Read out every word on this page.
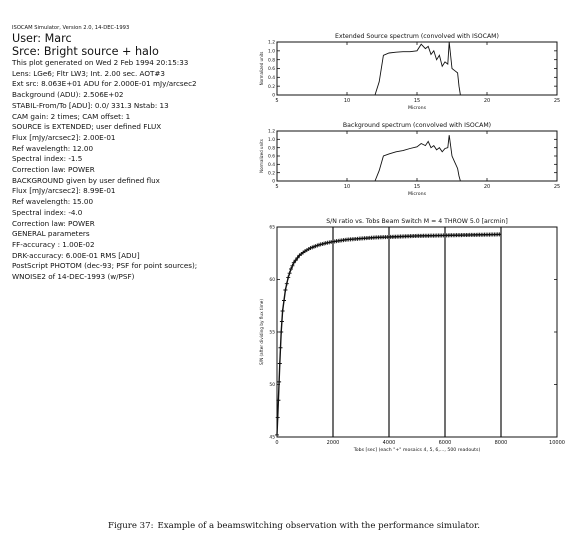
ISOCAM Simulator, Version 2.0, 14-DEC-1993
User: Marc
Srce: Bright source + halo
This plot generated on Wed 2 Feb 1994 20:15:33
Lens: LGe6; Fltr LW3; Int. 2.00 sec. AOT#3
Ext src: 8.063E+01 ADU for 2.000E-01 mJy/arcsec2
Background (ADU): 2.506E+02
STABIL-From/To [ADU]: 0.0/ 331.3 Nstab: 13
CAM gain: 2 times; CAM offset: 1
SOURCE is EXTENDED; user defined FLUX
Flux [mJy/arcsec2]: 2.00E-01
Ref wavelength: 12.00
Spectral index: -1.5
Correction law: POWER
BACKGROUND given by user defined flux
Flux [mJy/arcsec2]: 8.99E-01
Ref wavelength: 15.00
Spectral index: -4.0
Correction law: POWER
GENERAL parameters
FF-accuracy : 1.00E-02
DRK-accuracy: 6.00E-01 RMS [ADU]
PostScript PHOTOM (dec-93; PSF for point sources);
WNOISE2 of 14-DEC-1993 (w/PSF)
Extended Source spectrum (convolved with ISOCAM)
5	10	15	20	25
0
0.2
0.4
0.6
0.8
1.0
1.2
Microns
Normalized units
Background spectrum (convolved with ISOCAM)
5	10	15	20	25
0
0.2
0.4
0.6
0.8
1.0
1.2
Microns
Normalized units
S/N ratio vs. Tobs Beam Switch M = 4 THROW 5.0 [arcmin]
0	2000	4000	6000	8000	10000
45
50
55
60
65
Tobs [sec] (each "+" mosaics 4, 5, 6,..., 500 readouts)
S/N (after dividing by flux time)
Figure 37: Example of a beamswitching observation with the performance simulator.
